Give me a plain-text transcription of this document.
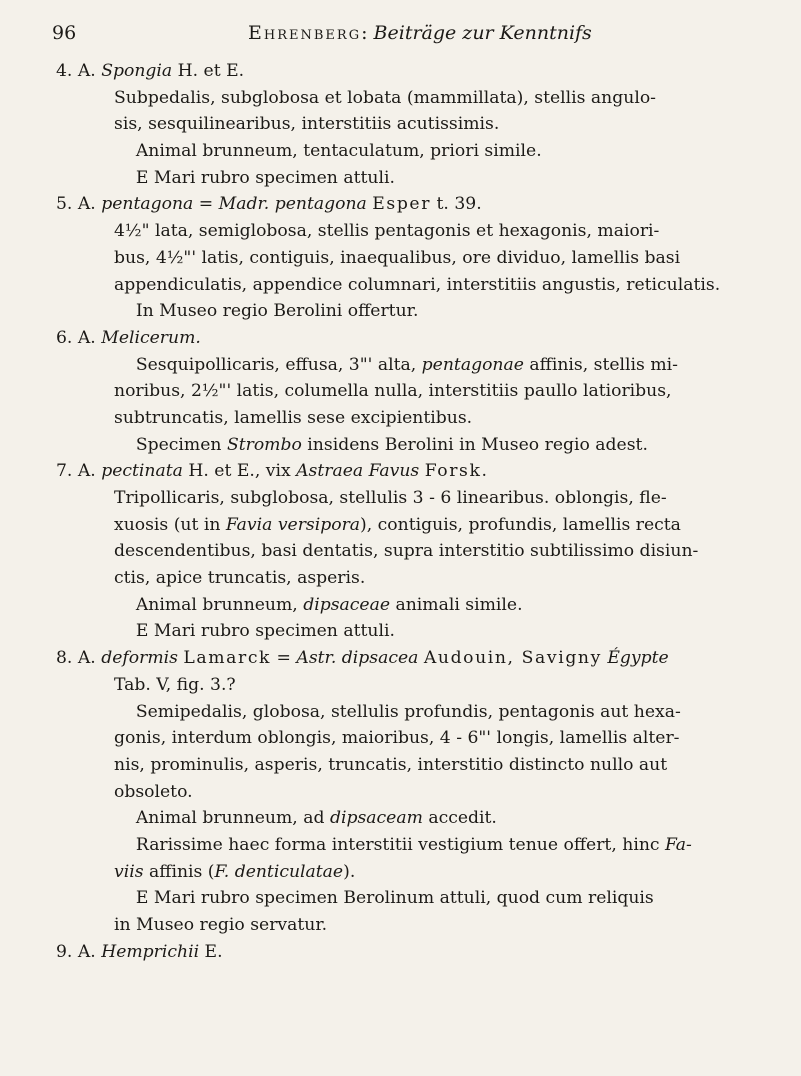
96	Ehrenberg: Beiträge zur Kenntnifs
4. A. Spongia H. et E.
Subpedalis, subglobosa et lobata (mammillata), stellis angulo-
sis, sesquilinearibus, interstitiis acutissimis.
Animal brunneum, tentaculatum, priori simile.
E Mari rubro specimen attuli.
5. A. pentagona = Madr. pentagona Esper t. 39.
4½" lata, semiglobosa, stellis pentagonis et hexagonis, maiori-
bus, 4½"' latis, contiguis, inaequalibus, ore dividuo, lamellis basi
appendiculatis, appendice columnari, interstitiis angustis, reticulatis.
In Museo regio Berolini offertur.
6. A. Melicerum.
Sesquipollicaris, effusa, 3"' alta, pentagonae affinis, stellis mi-
noribus, 2½"' latis, columella nulla, interstitiis paullo latioribus,
subtruncatis, lamellis sese excipientibus.
Specimen Strombo insidens Berolini in Museo regio adest.
7. A. pectinata H. et E., vix Astraea Favus Forsk.
Tripollicaris, subglobosa, stellulis 3 - 6 linearibus. oblongis, fle-
xuosis (ut in Favia versipora), contiguis, profundis, lamellis recta
descendentibus, basi dentatis, supra interstitio subtilissimo disiun-
ctis, apice truncatis, asperis.
Animal brunneum, dipsaceae animali simile.
E Mari rubro specimen attuli.
8. A. deformis Lamarck = Astr. dipsacea Audouin, Savigny Égypte
Tab. V, fig. 3.?
Semipedalis, globosa, stellulis profundis, pentagonis aut hexa-
gonis, interdum oblongis, maioribus, 4 - 6"' longis, lamellis alter-
nis, prominulis, asperis, truncatis, interstitio distincto nullo aut
obsoleto.
Animal brunneum, ad dipsaceam accedit.
Rarissime haec forma interstitii vestigium tenue offert, hinc Fa-
viis affinis (F. denticulatae).
E Mari rubro specimen Berolinum attuli, quod cum reliquis
in Museo regio servatur.
9. A. Hemprichii E.
